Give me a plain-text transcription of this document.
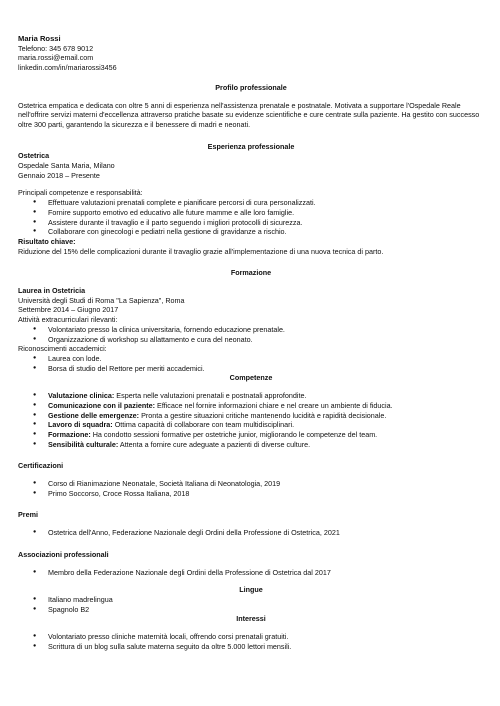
Maria Rossi

Telefono: 345 678 9012

maria.rossi@email.com

linkedin.com/in/mariarossi3456

Profilo professionale

Ostetrica empatica e dedicata con oltre 5 anni di esperienza nell'assistenza prenatale e postnatale. Motivata a supportare l'Ospedale Reale nell'offrire servizi materni d'eccellenza attraverso pratiche basate su evidenze scientifiche e cure centrate sulla paziente. Ha gestito con successo oltre 300 parti, garantendo la sicurezza e il benessere di madri e neonati.

Esperienza professionale

Ostetrica

Ospedale Santa Maria, Milano

Gennaio 2018 – Presente

Principali competenze e responsabilità:

● Effettuare valutazioni prenatali complete e pianificare percorsi di cura personalizzati.
● Fornire supporto emotivo ed educativo alle future mamme e alle loro famiglie.
● Assistere durante il travaglio e il parto seguendo i migliori protocolli di sicurezza.
● Collaborare con ginecologi e pediatri nella gestione di gravidanze a rischio.

Risultato chiave:

Riduzione del 15% delle complicazioni durante il travaglio grazie all'implementazione di una nuova tecnica di parto.

Formazione

Laurea in Ostetricia

Università degli Studi di Roma "La Sapienza", Roma

Settembre 2014 – Giugno 2017

Attività extracurriculari rilevanti:

● Volontariato presso la clinica universitaria, fornendo educazione prenatale.
● Organizzazione di workshop su allattamento e cura del neonato.

Riconoscimenti accademici:

● Laurea con lode.
● Borsa di studio del Rettore per meriti accademici.

Competenze

● Valutazione clinica: Esperta nelle valutazioni prenatali e postnatali approfondite.
● Comunicazione con il paziente: Efficace nel fornire informazioni chiare e nel creare un ambiente di fiducia.
● Gestione delle emergenze: Pronta a gestire situazioni critiche mantenendo lucidità e rapidità decisionale.
● Lavoro di squadra: Ottima capacità di collaborare con team multidisciplinari.
● Formazione: Ha condotto sessioni formative per ostetriche junior, migliorando le competenze del team.
● Sensibilità culturale: Attenta a fornire cure adeguate a pazienti di diverse culture.

Certificazioni

● Corso di Rianimazione Neonatale, Società Italiana di Neonatologia, 2019
● Primo Soccorso, Croce Rossa Italiana, 2018

Premi

● Ostetrica dell'Anno, Federazione Nazionale degli Ordini della Professione di Ostetrica, 2021

Associazioni professionali

● Membro della Federazione Nazionale degli Ordini della Professione di Ostetrica dal 2017

Lingue

● Italiano madrelingua
● Spagnolo B2

Interessi

● Volontariato presso cliniche maternità locali, offrendo corsi prenatali gratuiti.
● Scrittura di un blog sulla salute materna seguito da oltre 5.000 lettori mensili.
